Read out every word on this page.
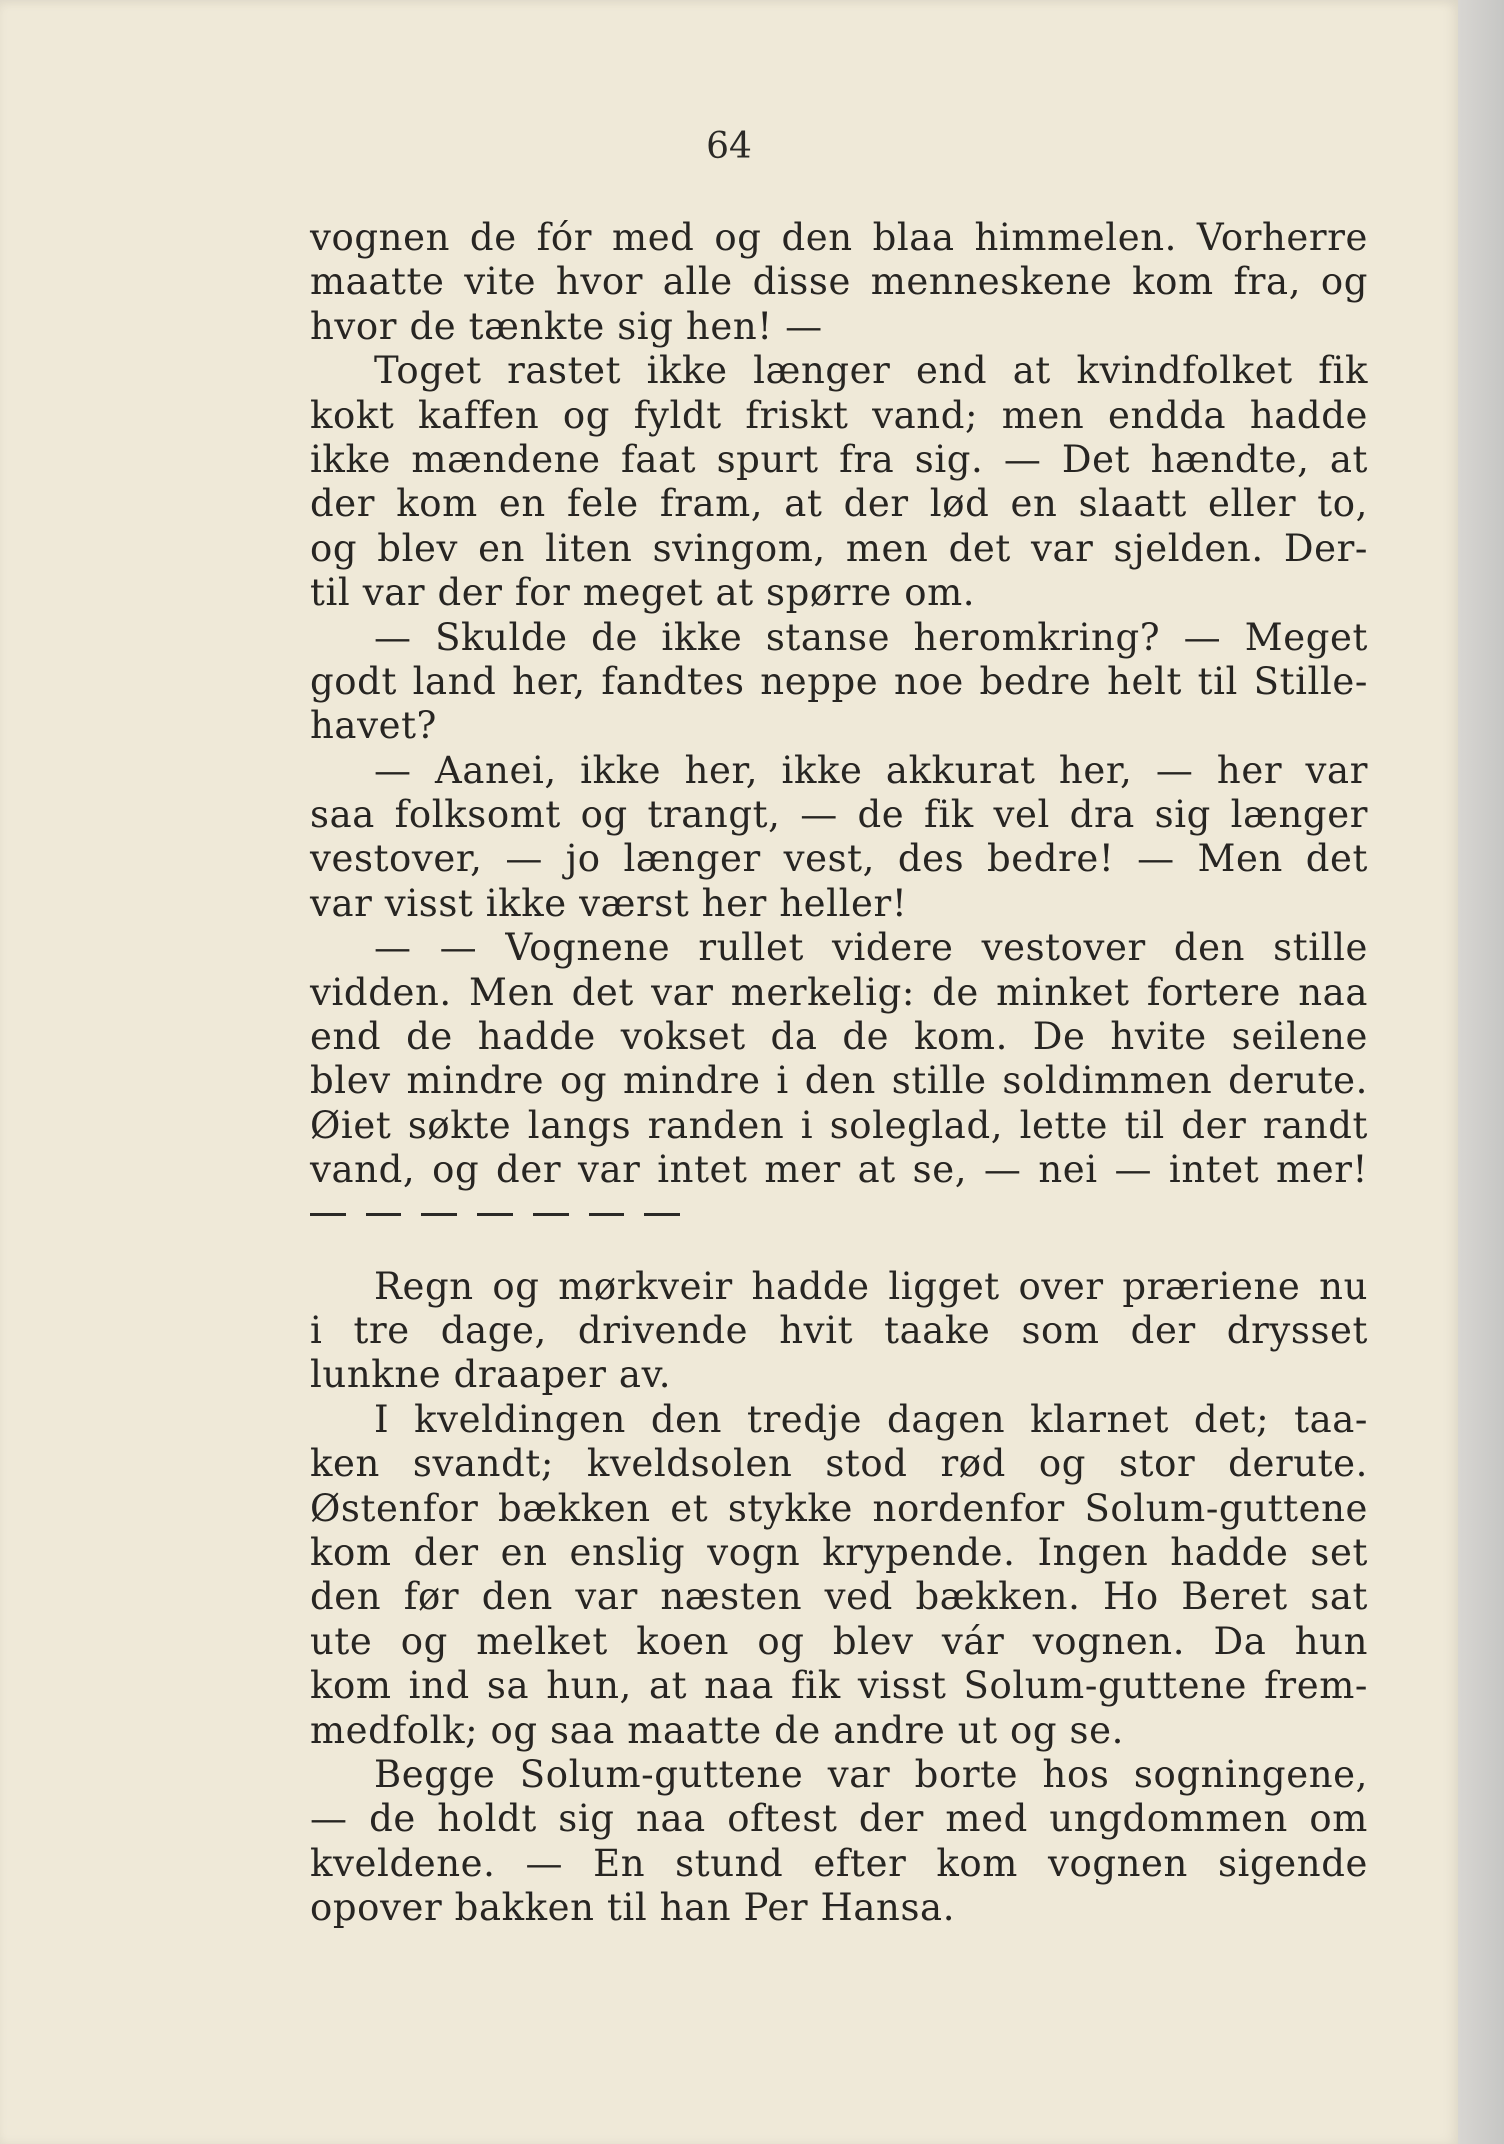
64
vognen de fór med og den blaa himmelen. Vorherre
maatte vite hvor alle disse menneskene kom fra, og
hvor de tænkte sig hen! —
Toget rastet ikke længer end at kvindfolket fik
kokt kaffen og fyldt friskt vand; men endda hadde
ikke mændene faat spurt fra sig. — Det hændte, at
der kom en fele fram, at der lød en slaatt eller to,
og blev en liten svingom, men det var sjelden. Der-
til var der for meget at spørre om.
— Skulde de ikke stanse heromkring? — Meget
godt land her, fandtes neppe noe bedre helt til Stille-
havet?
— Aanei, ikke her, ikke akkurat her, — her var
saa folksomt og trangt, — de fik vel dra sig længer
vestover, — jo længer vest, des bedre! — Men det
var visst ikke værst her heller!
— — Vognene rullet videre vestover den stille
vidden. Men det var merkelig: de minket fortere naa
end de hadde vokset da de kom. De hvite seilene
blev mindre og mindre i den stille soldimmen derute.
Øiet søkte langs randen i soleglad, lette til der randt
vand, og der var intet mer at se, — nei — intet mer!
Regn og mørkveir hadde ligget over præriene nu
i tre dage, drivende hvit taake som der drysset
lunkne draaper av.
I kveldingen den tredje dagen klarnet det; taa-
ken svandt; kveldsolen stod rød og stor derute.
Østenfor bækken et stykke nordenfor Solum-guttene
kom der en enslig vogn krypende. Ingen hadde set
den før den var næsten ved bækken. Ho Beret sat
ute og melket koen og blev vár vognen. Da hun
kom ind sa hun, at naa fik visst Solum-guttene frem-
medfolk; og saa maatte de andre ut og se.
Begge Solum-guttene var borte hos sogningene,
— de holdt sig naa oftest der med ungdommen om
kveldene. — En stund efter kom vognen sigende
opover bakken til han Per Hansa.
